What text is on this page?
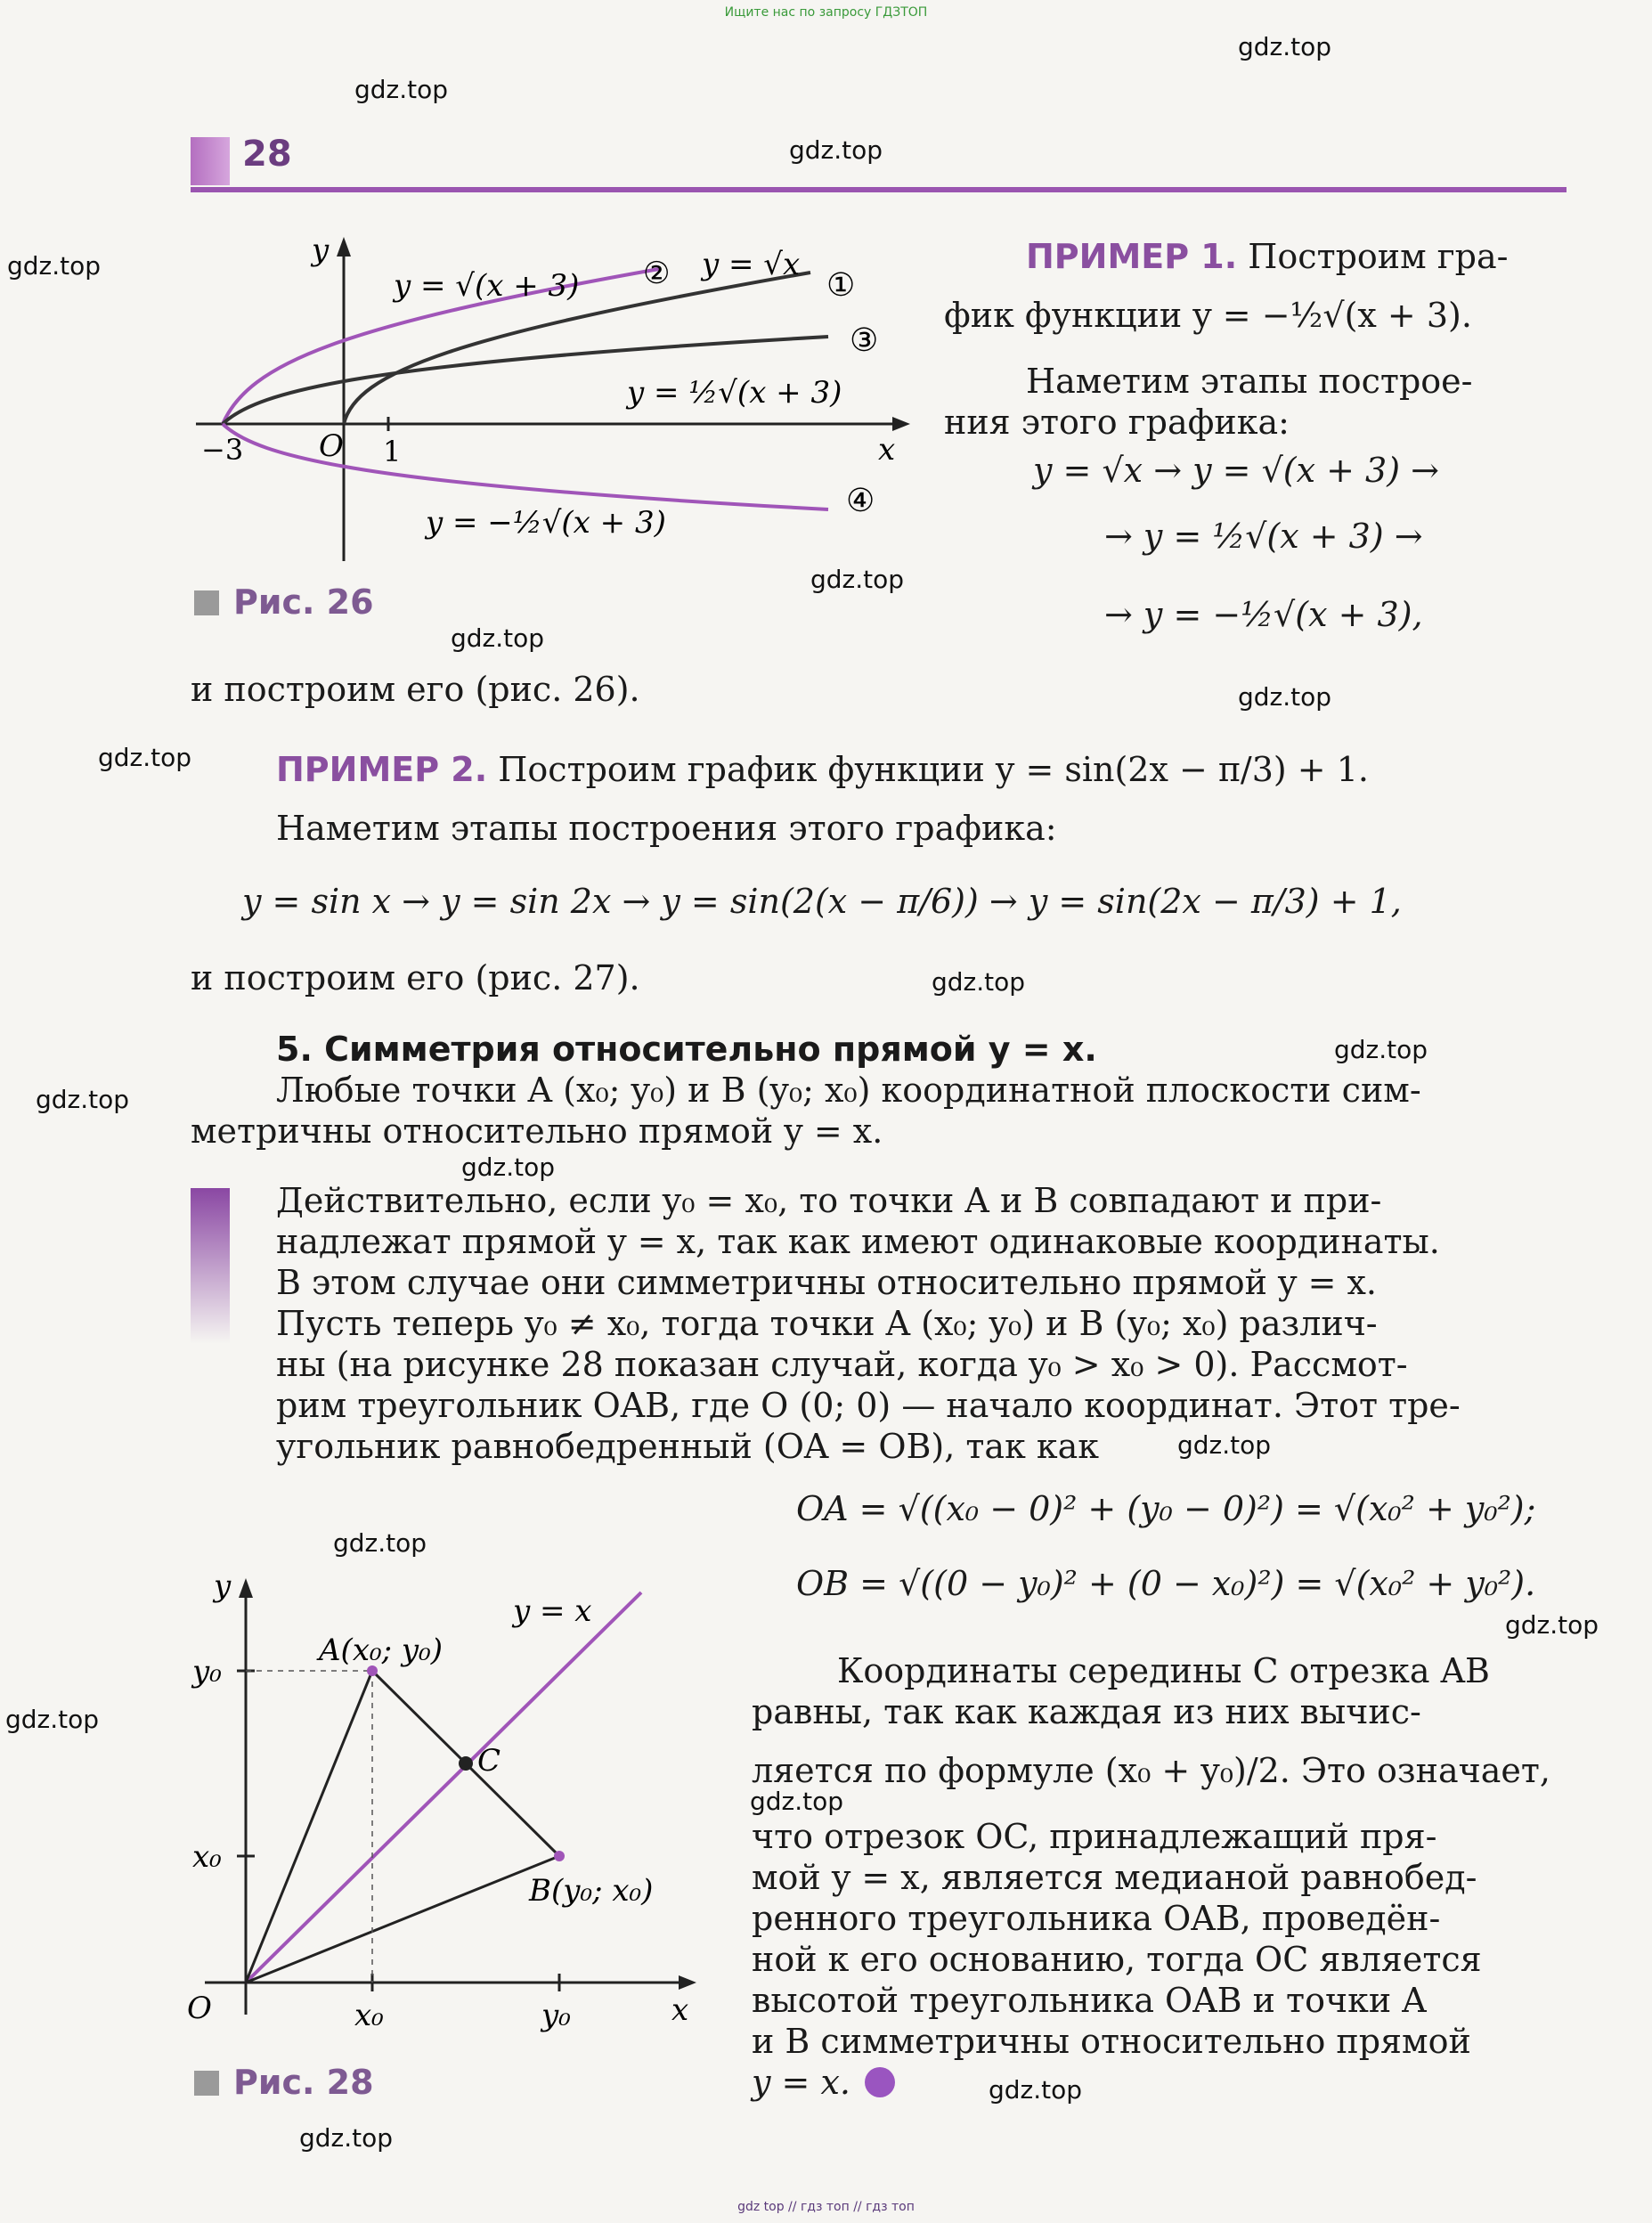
Ищите нас по запросу ГДЗТОП
gdz.top
gdz.top
gdz.top
gdz.top
gdz.top
gdz.top
gdz.top
gdz.top
gdz.top
gdz.top
gdz.top
gdz.top
gdz.top
gdz.top
gdz.top
gdz.top
gdz.top
gdz.top
gdz.top
28
y
x
O
−3	1
y = √(x + 3) ② y = √x
①
③
y = ½√(x + 3)
④
y = −½√(x + 3)
Рис. 26
ПРИМЕР 1. Построим гра-
фик функции y = −½√(x + 3).
Наметим этапы построе-
ния этого графика:
y = √x → y = √(x + 3) →
→ y = ½√(x + 3) →
→ y = −½√(x + 3),
и построим его (рис. 26).
ПРИМЕР 2. Построим график функции y = sin(2x − π/3) + 1.
Наметим этапы построения этого графика:
y = sin x → y = sin 2x → y = sin(2(x − π/6)) → y = sin(2x − π/3) + 1,
и построим его (рис. 27).
5. Симметрия относительно прямой y = x.
Любые точки A (x₀; y₀) и B (y₀; x₀) координатной плоскости сим-
метричны относительно прямой y = x.
Действительно, если y₀ = x₀, то точки A и B совпадают и при-
надлежат прямой y = x, так как имеют одинаковые координаты.
В этом случае они симметричны относительно прямой y = x.
Пусть теперь y₀ ≠ x₀, тогда точки A (x₀; y₀) и B (y₀; x₀) различ-
ны (на рисунке 28 показан случай, когда y₀ > x₀ > 0). Рассмот-
рим треугольник OAB, где O (0; 0) — начало координат. Этот тре-
угольник равнобедренный (OA = OB), так как
OA = √((x₀ − 0)² + (y₀ − 0)²) = √(x₀² + y₀²);
OB = √((0 − y₀)² + (0 − x₀)²) = √(x₀² + y₀²).
y
x
O
y = x
A(x₀; y₀)
B(y₀; x₀)
C
y₀
x₀
x₀	y₀
Рис. 28
Координаты середины C отрезка AB
равны, так как каждая из них вычис-
ляется по формуле (x₀ + y₀)/2. Это означает,
что отрезок OC, принадлежащий пря-
мой y = x, является медианой равнобед-
ренного треугольника OAB, проведён-
ной к его основанию, тогда OC является
высотой треугольника OAB и точки A
и B симметричны относительно прямой
y = x.
gdz top // гдз топ // гдз топ
